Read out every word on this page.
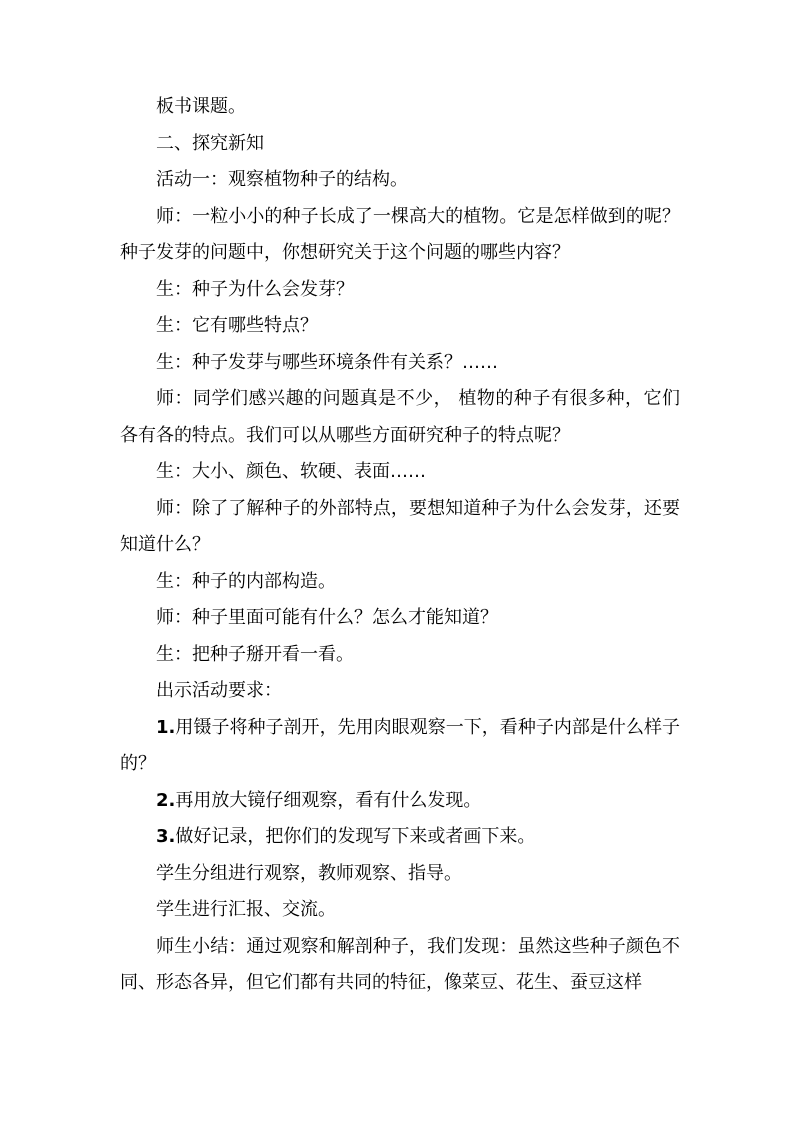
板书课题。

二、探究新知

活动一：观察植物种子的结构。

师：一粒小小的种子长成了一棵高大的植物。它是怎样做到的呢？种子发芽的问题中，你想研究关于这个问题的哪些内容？

生：种子为什么会发芽？

生：它有哪些特点？

生：种子发芽与哪些环境条件有关系？……

师：同学们感兴趣的问题真是不少， 植物的种子有很多种，它们各有各的特点。我们可以从哪些方面研究种子的特点呢？

生：大小、颜色、软硬、表面……

师：除了了解种子的外部特点，要想知道种子为什么会发芽，还要知道什么？

生：种子的内部构造。

师：种子里面可能有什么？怎么才能知道？

生：把种子掰开看一看。

出示活动要求：

1.用镊子将种子剖开，先用肉眼观察一下，看种子内部是什么样子的？

2.再用放大镜仔细观察，看有什么发现。

3.做好记录，把你们的发现写下来或者画下来。

学生分组进行观察，教师观察、指导。

学生进行汇报、交流。

师生小结：通过观察和解剖种子，我们发现：虽然这些种子颜色不同、形态各异，但它们都有共同的特征，像菜豆、花生、蚕豆这样
